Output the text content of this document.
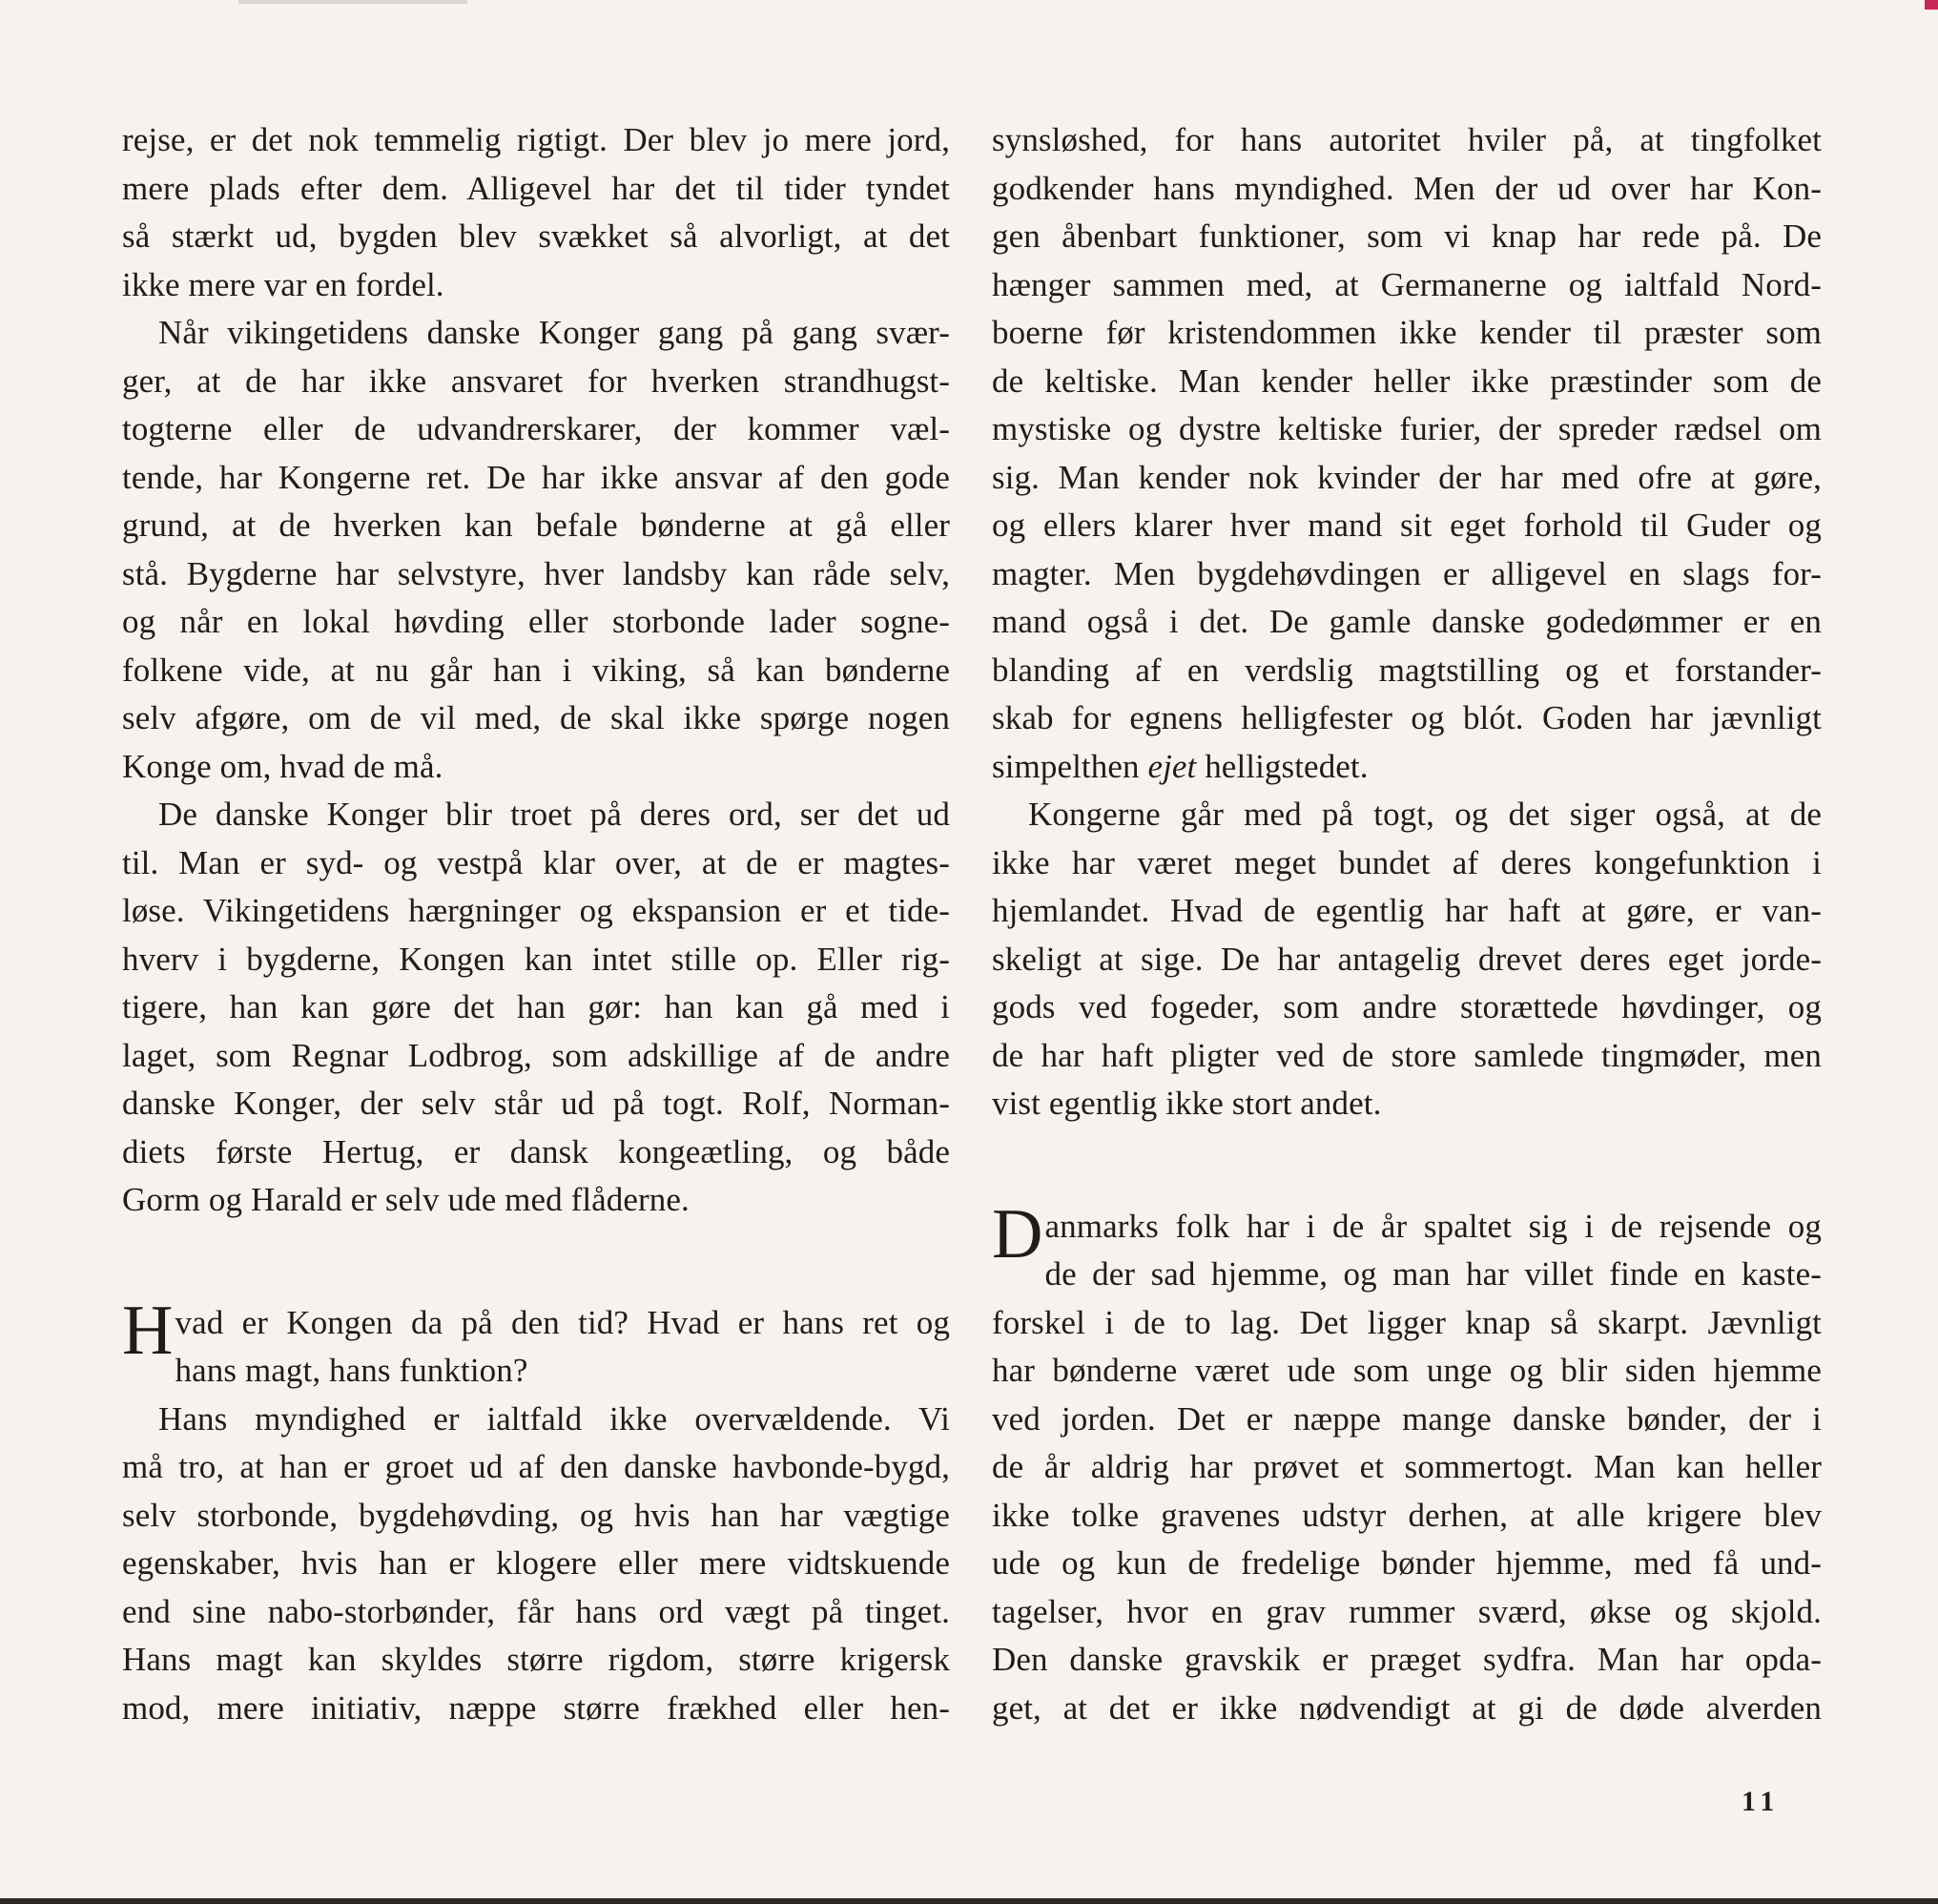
rejse, er det nok temmelig rigtigt. Der blev jo mere jord,
mere plads efter dem. Alligevel har det til tider tyndet
så stærkt ud, bygden blev svækket så alvorligt, at det
ikke mere var en fordel.
Når vikingetidens danske Konger gang på gang svær-
ger, at de har ikke ansvaret for hverken strandhugst-
togterne eller de udvandrerskarer, der kommer væl-
tende, har Kongerne ret. De har ikke ansvar af den gode
grund, at de hverken kan befale bønderne at gå eller
stå. Bygderne har selvstyre, hver landsby kan råde selv,
og når en lokal høvding eller storbonde lader sogne-
folkene vide, at nu går han i viking, så kan bønderne
selv afgøre, om de vil med, de skal ikke spørge nogen
Konge om, hvad de må.
De danske Konger blir troet på deres ord, ser det ud
til. Man er syd- og vestpå klar over, at de er magtes-
løse. Vikingetidens hærgninger og ekspansion er et tide-
hverv i bygderne, Kongen kan intet stille op. Eller rig-
tigere, han kan gøre det han gør: han kan gå med i
laget, som Regnar Lodbrog, som adskillige af de andre
danske Konger, der selv står ud på togt. Rolf, Norman-
diets første Hertug, er dansk kongeætling, og både
Gorm og Harald er selv ude med flåderne.
Hvad er Kongen da på den tid? Hvad er hans ret og
hans magt, hans funktion?
Hans myndighed er ialtfald ikke overvældende. Vi
må tro, at han er groet ud af den danske havbonde-bygd,
selv storbonde, bygdehøvding, og hvis han har vægtige
egenskaber, hvis han er klogere eller mere vidtskuende
end sine nabo-storbønder, får hans ord vægt på tinget.
Hans magt kan skyldes større rigdom, større krigersk
mod, mere initiativ, næppe større frækhed eller hen-
synsløshed, for hans autoritet hviler på, at tingfolket
godkender hans myndighed. Men der ud over har Kon-
gen åbenbart funktioner, som vi knap har rede på. De
hænger sammen med, at Germanerne og ialtfald Nord-
boerne før kristendommen ikke kender til præster som
de keltiske. Man kender heller ikke præstinder som de
mystiske og dystre keltiske furier, der spreder rædsel om
sig. Man kender nok kvinder der har med ofre at gøre,
og ellers klarer hver mand sit eget forhold til Guder og
magter. Men bygdehøvdingen er alligevel en slags for-
mand også i det. De gamle danske godedømmer er en
blanding af en verdslig magtstilling og et forstander-
skab for egnens helligfester og blót. Goden har jævnligt
simpelthen ejet helligstedet.
Kongerne går med på togt, og det siger også, at de
ikke har været meget bundet af deres kongefunktion i
hjemlandet. Hvad de egentlig har haft at gøre, er van-
skeligt at sige. De har antagelig drevet deres eget jorde-
gods ved fogeder, som andre storættede høvdinger, og
de har haft pligter ved de store samlede tingmøder, men
vist egentlig ikke stort andet.
Danmarks folk har i de år spaltet sig i de rejsende og
de der sad hjemme, og man har villet finde en kaste-
forskel i de to lag. Det ligger knap så skarpt. Jævnligt
har bønderne været ude som unge og blir siden hjemme
ved jorden. Det er næppe mange danske bønder, der i
de år aldrig har prøvet et sommertogt. Man kan heller
ikke tolke gravenes udstyr derhen, at alle krigere blev
ude og kun de fredelige bønder hjemme, med få und-
tagelser, hvor en grav rummer sværd, økse og skjold.
Den danske gravskik er præget sydfra. Man har opda-
get, at det er ikke nødvendigt at gi de døde alverden
11
